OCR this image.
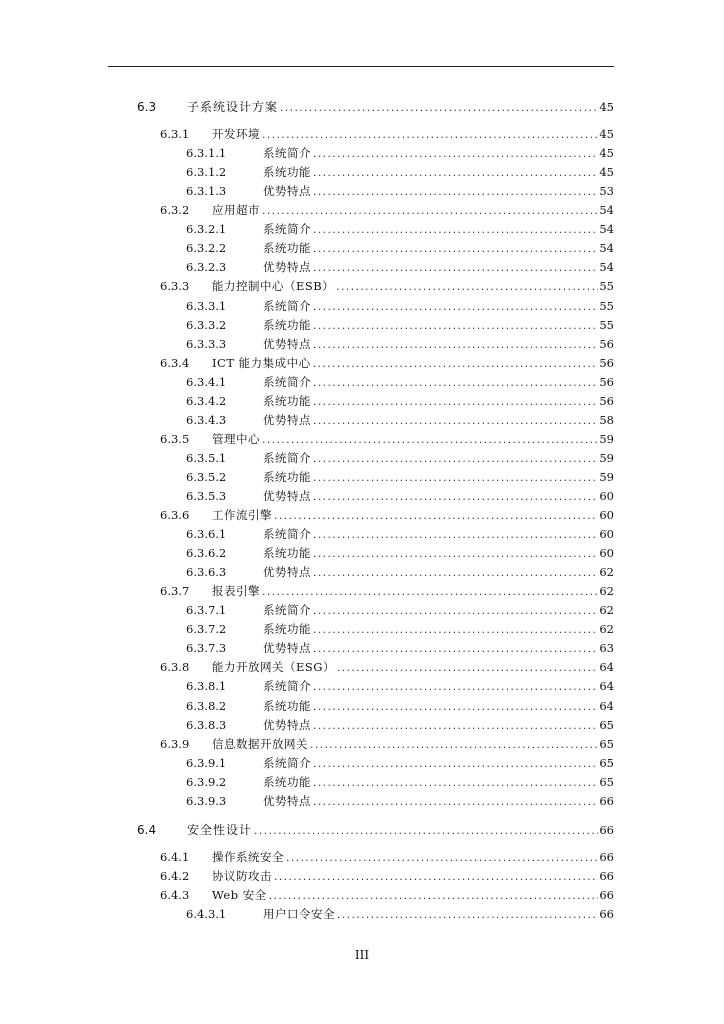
6.3	子系统设计方案 .....	45
6.3.1 开发环境 .....	45
6.3.1.1	系统简介 .....	45
6.3.1.2	系统功能 .....	45
6.3.1.3	优势特点 .....	53
6.3.2 应用超市 .....	54
6.3.2.1	系统简介 .....	54
6.3.2.2	系统功能 .....	54
6.3.2.3	优势特点 .....	54
6.3.3 能力控制中心（ESB） .....	55
6.3.3.1	系统简介 .....	55
6.3.3.2	系统功能 .....	55
6.3.3.3	优势特点 .....	56
6.3.4 ICT 能力集成中心 .....	56
6.3.4.1	系统简介 .....	56
6.3.4.2	系统功能 .....	56
6.3.4.3	优势特点 .....	58
6.3.5 管理中心 .....	59
6.3.5.1	系统简介 .....	59
6.3.5.2	系统功能 .....	59
6.3.5.3	优势特点 .....	60
6.3.6 工作流引擎 .....	60
6.3.6.1	系统简介 .....	60
6.3.6.2	系统功能 .....	60
6.3.6.3	优势特点 .....	62
6.3.7 报表引擎 .....	62
6.3.7.1	系统简介 .....	62
6.3.7.2	系统功能 .....	62
6.3.7.3	优势特点 .....	63
6.3.8 能力开放网关（ESG） .....	64
6.3.8.1	系统简介 .....	64
6.3.8.2	系统功能 .....	64
6.3.8.3	优势特点 .....	65
6.3.9 信息数据开放网关 .....	65
6.3.9.1	系统简介 .....	65
6.3.9.2	系统功能 .....	65
6.3.9.3	优势特点 .....	66
6.4	安全性设计 .....	66
6.4.1 操作系统安全 .....	66
6.4.2 协议防攻击 .....	66
6.4.3 Web 安全 .....	66
6.4.3.1	用户口令安全 .....	66
III
